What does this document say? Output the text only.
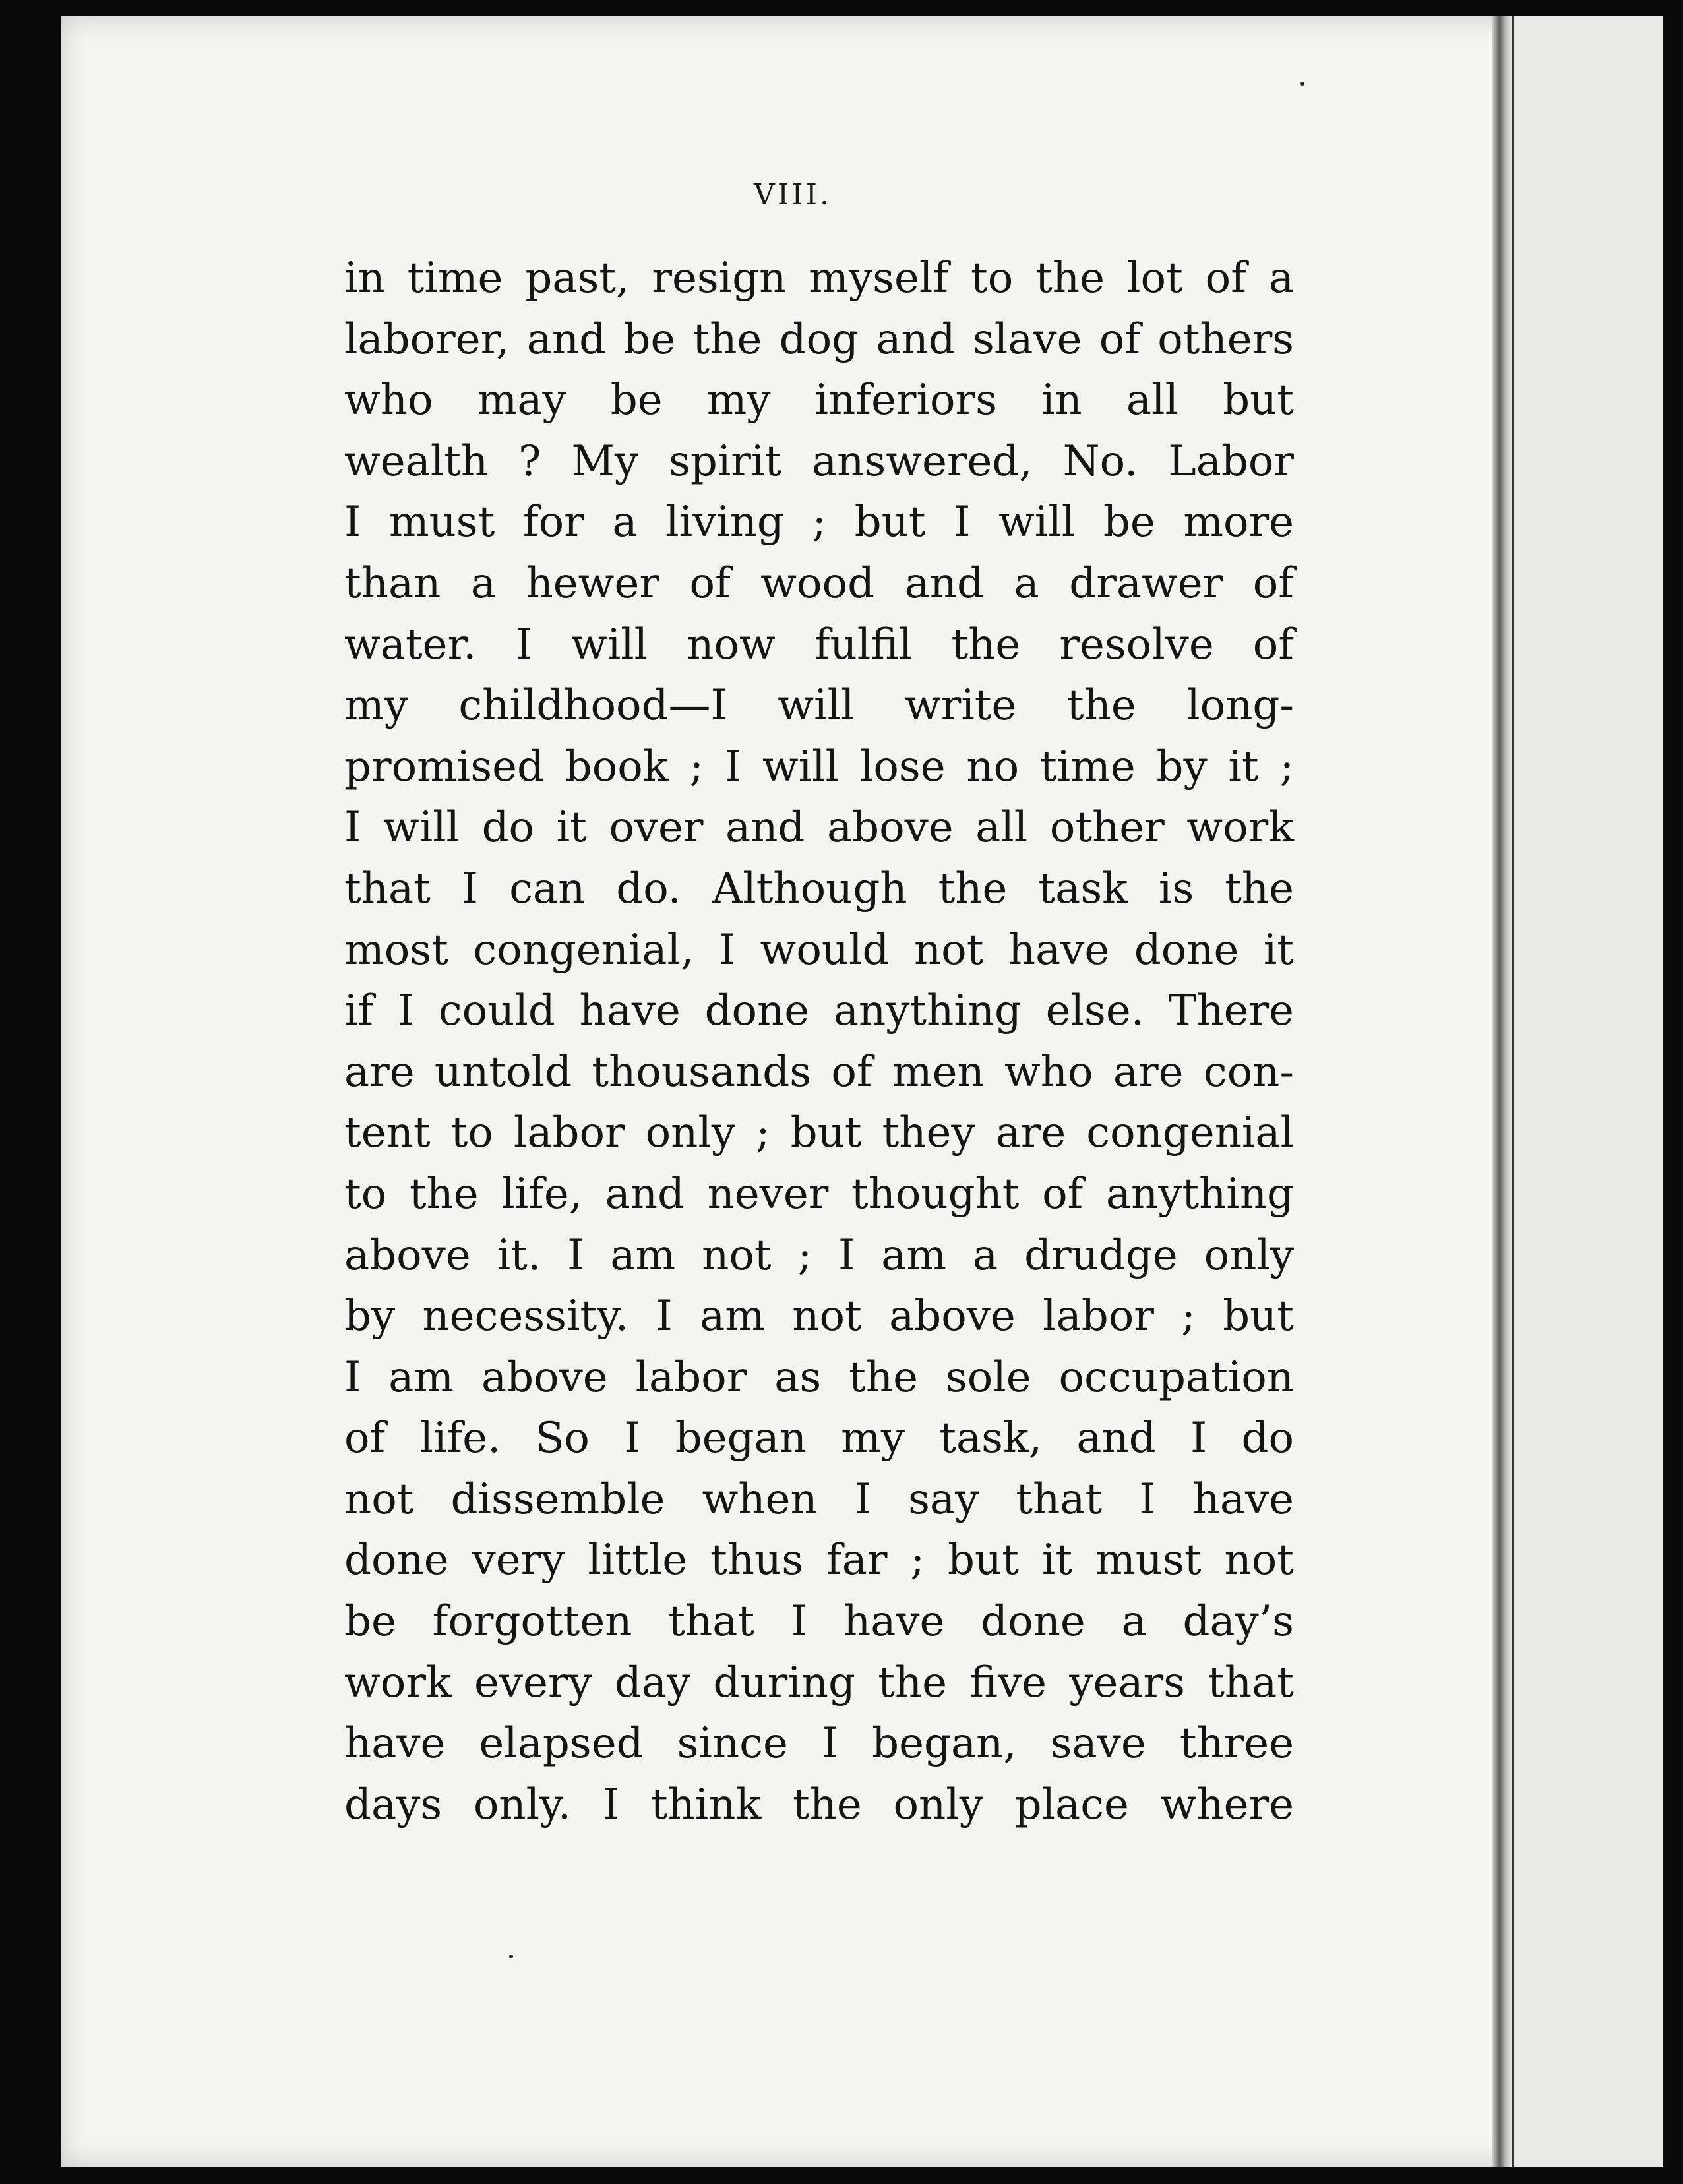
VIII.
in time past, resign myself to the lot of a
laborer, and be the dog and slave of others
who may be my inferiors in all but
wealth ? My spirit answered, No. Labor
I must for a living ; but I will be more
than a hewer of wood and a drawer of
water. I will now fulfil the resolve of
my childhood—I will write the long-
promised book ; I will lose no time by it ;
I will do it over and above all other work
that I can do. Although the task is the
most congenial, I would not have done it
if I could have done anything else. There
are untold thousands of men who are con-
tent to labor only ; but they are congenial
to the life, and never thought of anything
above it. I am not ; I am a drudge only
by necessity. I am not above labor ; but
I am above labor as the sole occupation
of life. So I began my task, and I do
not dissemble when I say that I have
done very little thus far ; but it must not
be forgotten that I have done a day’s
work every day during the five years that
have elapsed since I began, save three
days only. I think the only place where
